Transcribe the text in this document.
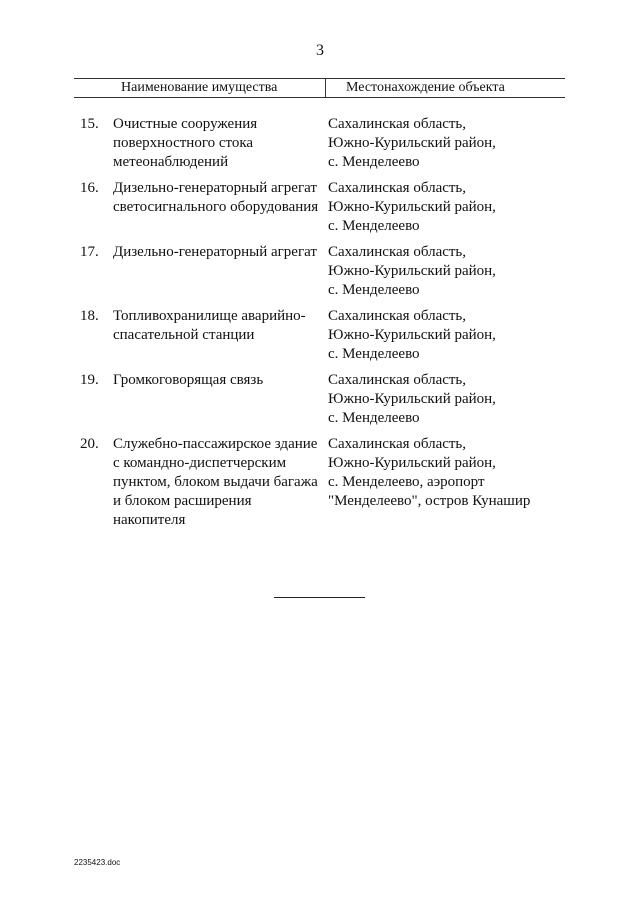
3
Наименование имущества	Местонахождение объекта
15. Очистные сооружения
поверхностного стока
метеонаблюдений
Сахалинская область,
Южно-Курильский район,
с. Менделеево
16. Дизельно-генераторный агрегат
светосигнального оборудования
Сахалинская область,
Южно-Курильский район,
с. Менделеево
17. Дизельно-генераторный агрегат Сахалинская область,
Южно-Курильский район,
с. Менделеево
18. Топливохранилище аварийно-
спасательной станции
Сахалинская область,
Южно-Курильский район,
с. Менделеево
19. Громкоговорящая связь	Сахалинская область,
Южно-Курильский район,
с. Менделеево
20. Служебно-пассажирское здание
с командно-диспетчерским
пунктом, блоком выдачи багажа
и блоком расширения
накопителя
Сахалинская область,
Южно-Курильский район,
с. Менделеево, аэропорт
"Менделеево", остров Кунашир
2235423.doc
